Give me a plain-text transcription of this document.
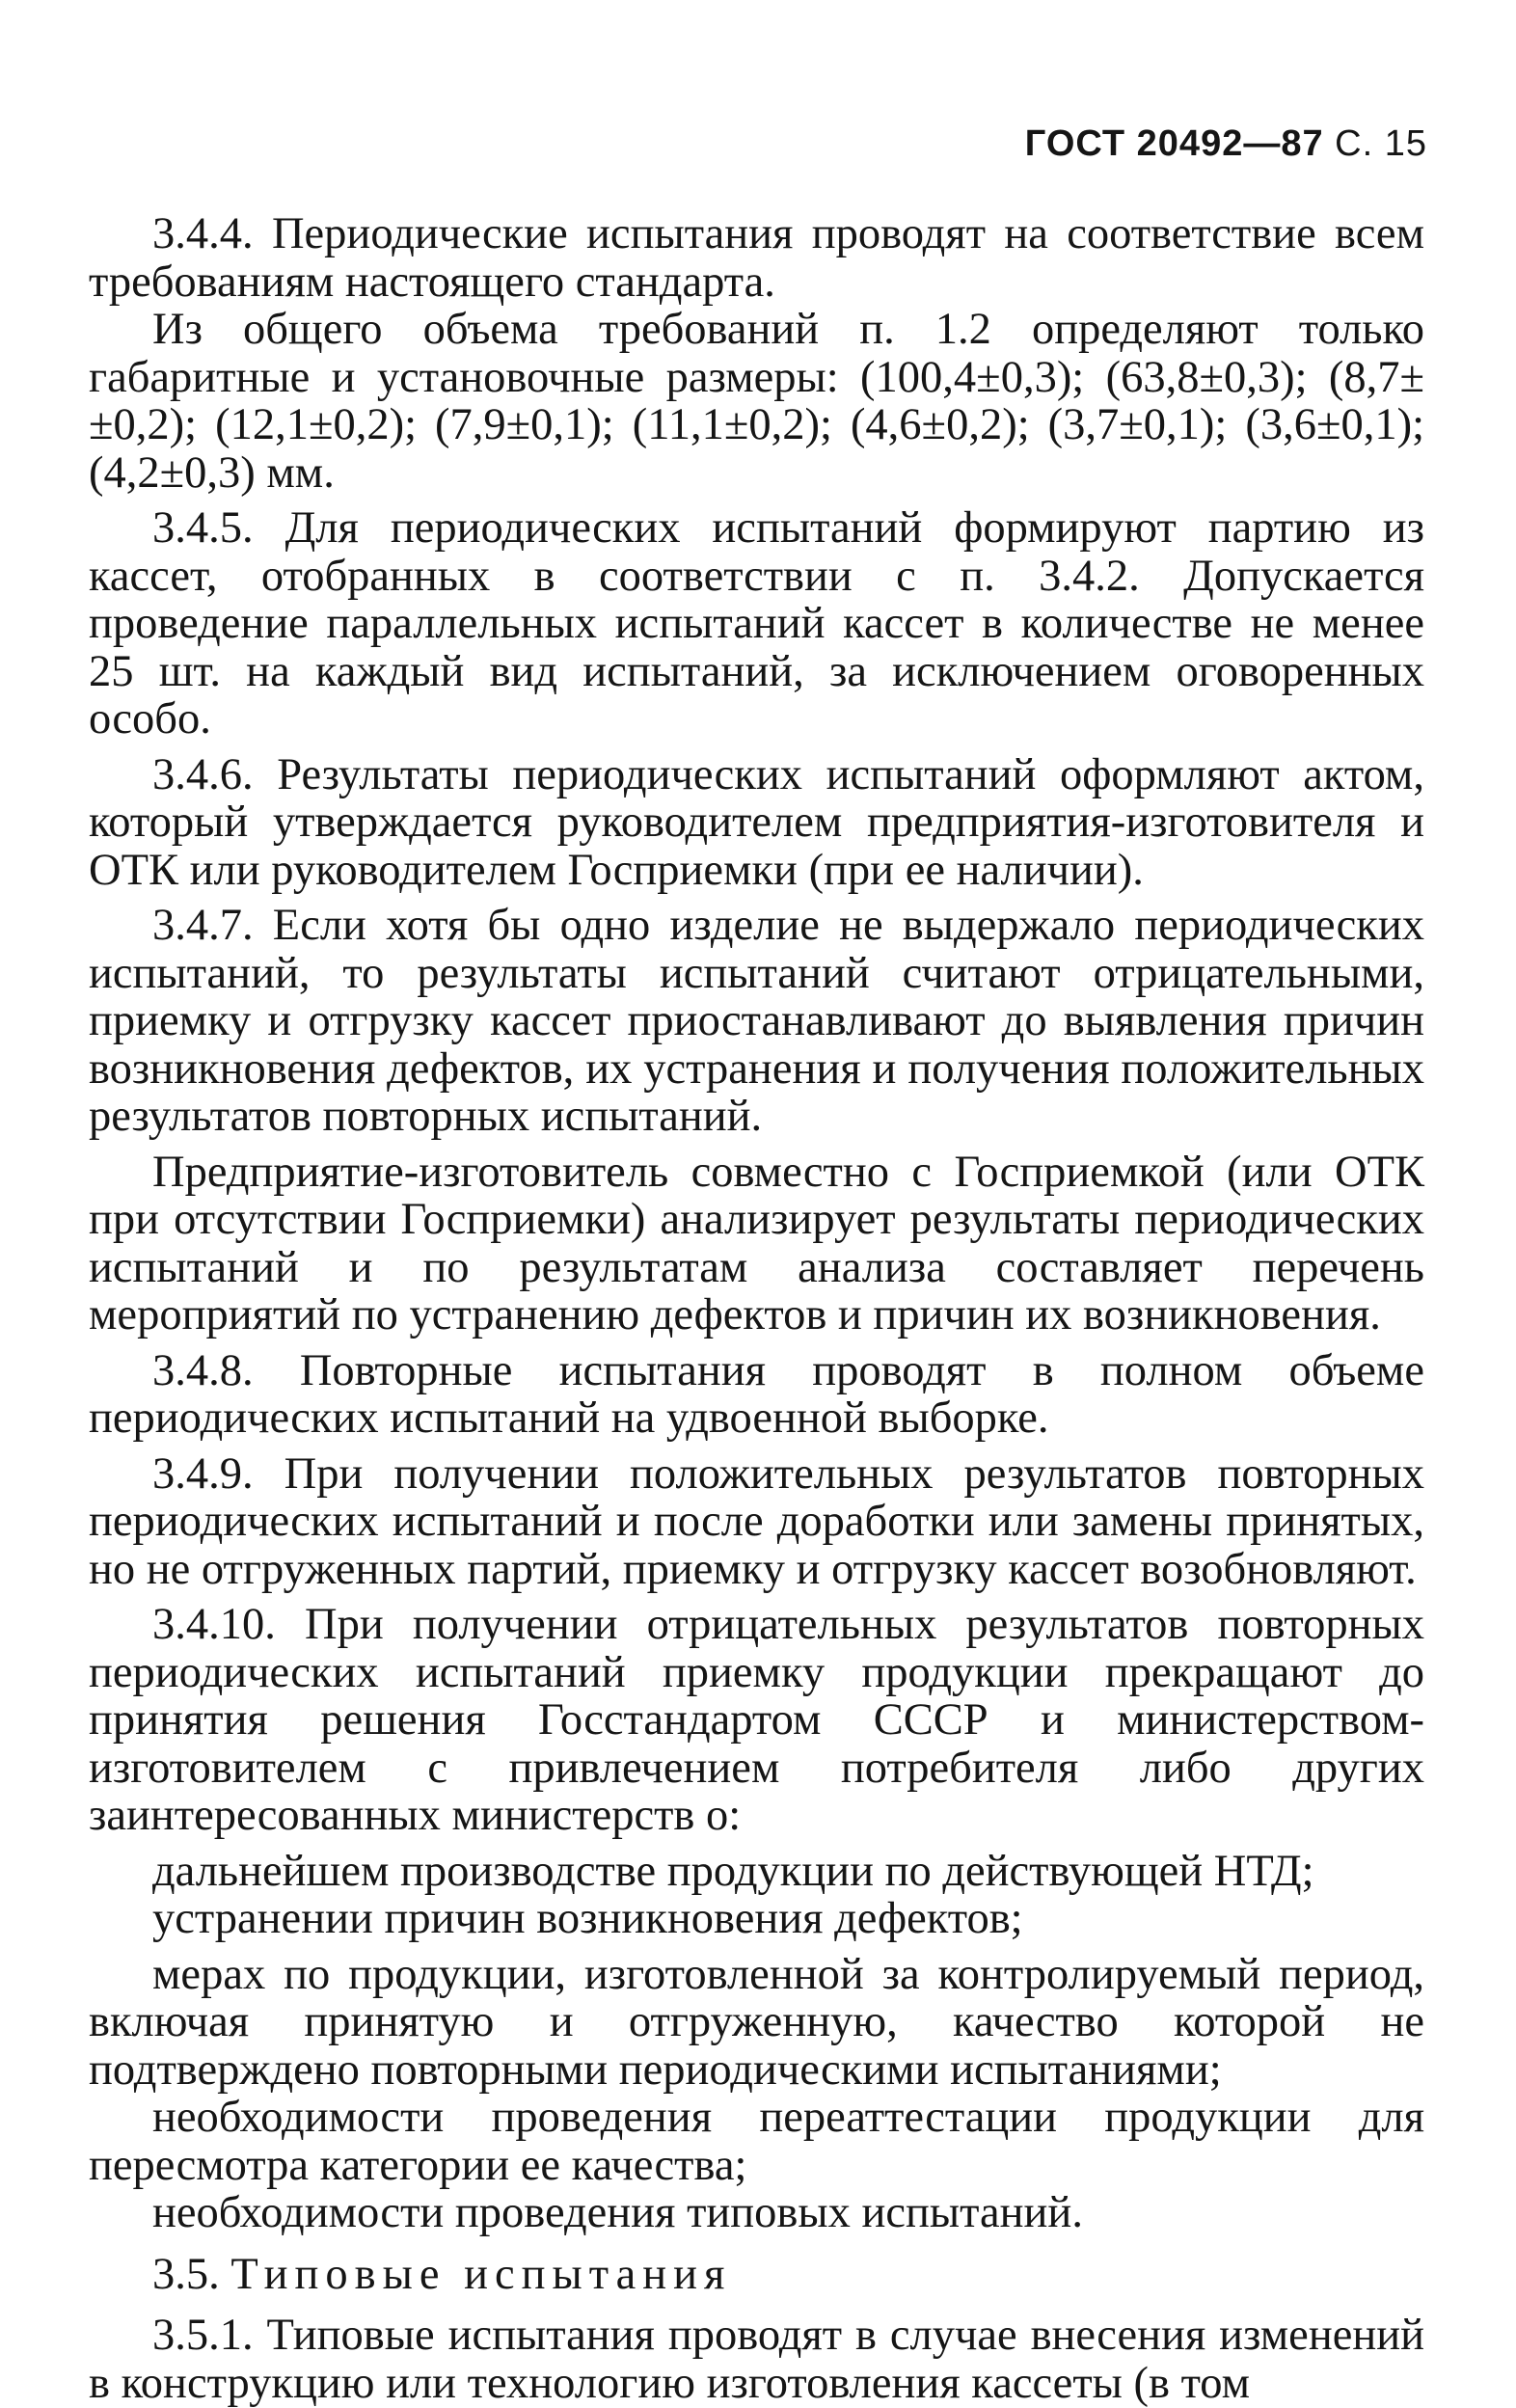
ГОСТ 20492—87 С. 15

3.4.4. Периодические испытания проводят на соответствие всем требованиям настоящего стандарта.

Из общего объема требований п. 1.2 определяют только габаритные и установочные размеры: (100,4±0,3); (63,8±0,3); (8,7±±0,2); (12,1±0,2); (7,9±0,1); (11,1±0,2); (4,6±0,2); (3,7±0,1); (3,6±0,1); (4,2±0,3) мм.

3.4.5. Для периодических испытаний формируют партию из кассет, отобранных в соответствии с п. 3.4.2. Допускается проведение параллельных испытаний кассет в количестве не менее 25 шт. на каждый вид испытаний, за исключением оговоренных особо.

3.4.6. Результаты периодических испытаний оформляют актом, который утверждается руководителем предприятия-изготовителя и ОТК или руководителем Госприемки (при ее наличии).

3.4.7. Если хотя бы одно изделие не выдержало периодических испытаний, то результаты испытаний считают отрицательными, приемку и отгрузку кассет приостанавливают до выявления причин возникновения дефектов, их устранения и получения положительных результатов повторных испытаний.

Предприятие-изготовитель совместно с Госприемкой (или ОТК при отсутствии Госприемки) анализирует результаты периодических испытаний и по результатам анализа составляет перечень мероприятий по устранению дефектов и причин их возникновения.

3.4.8. Повторные испытания проводят в полном объеме периодических испытаний на удвоенной выборке.

3.4.9. При получении положительных результатов повторных периодических испытаний и после доработки или замены принятых, но не отгруженных партий, приемку и отгрузку кассет возобновляют.

3.4.10. При получении отрицательных результатов повторных периодических испытаний приемку продукции прекращают до принятия решения Госстандартом СССР и министерством-изготовителем с привлечением потребителя либо других заинтересованных министерств о:

дальнейшем производстве продукции по действующей НТД;

устранении причин возникновения дефектов;

мерах по продукции, изготовленной за контролируемый период, включая принятую и отгруженную, качество которой не подтверждено повторными периодическими испытаниями;

необходимости проведения переаттестации продукции для пересмотра категории ее качества;

необходимости проведения типовых испытаний.

3.5. Типовые испытания

3.5.1. Типовые испытания проводят в случае внесения изменений в конструкцию или технологию изготовления кассеты (в том
